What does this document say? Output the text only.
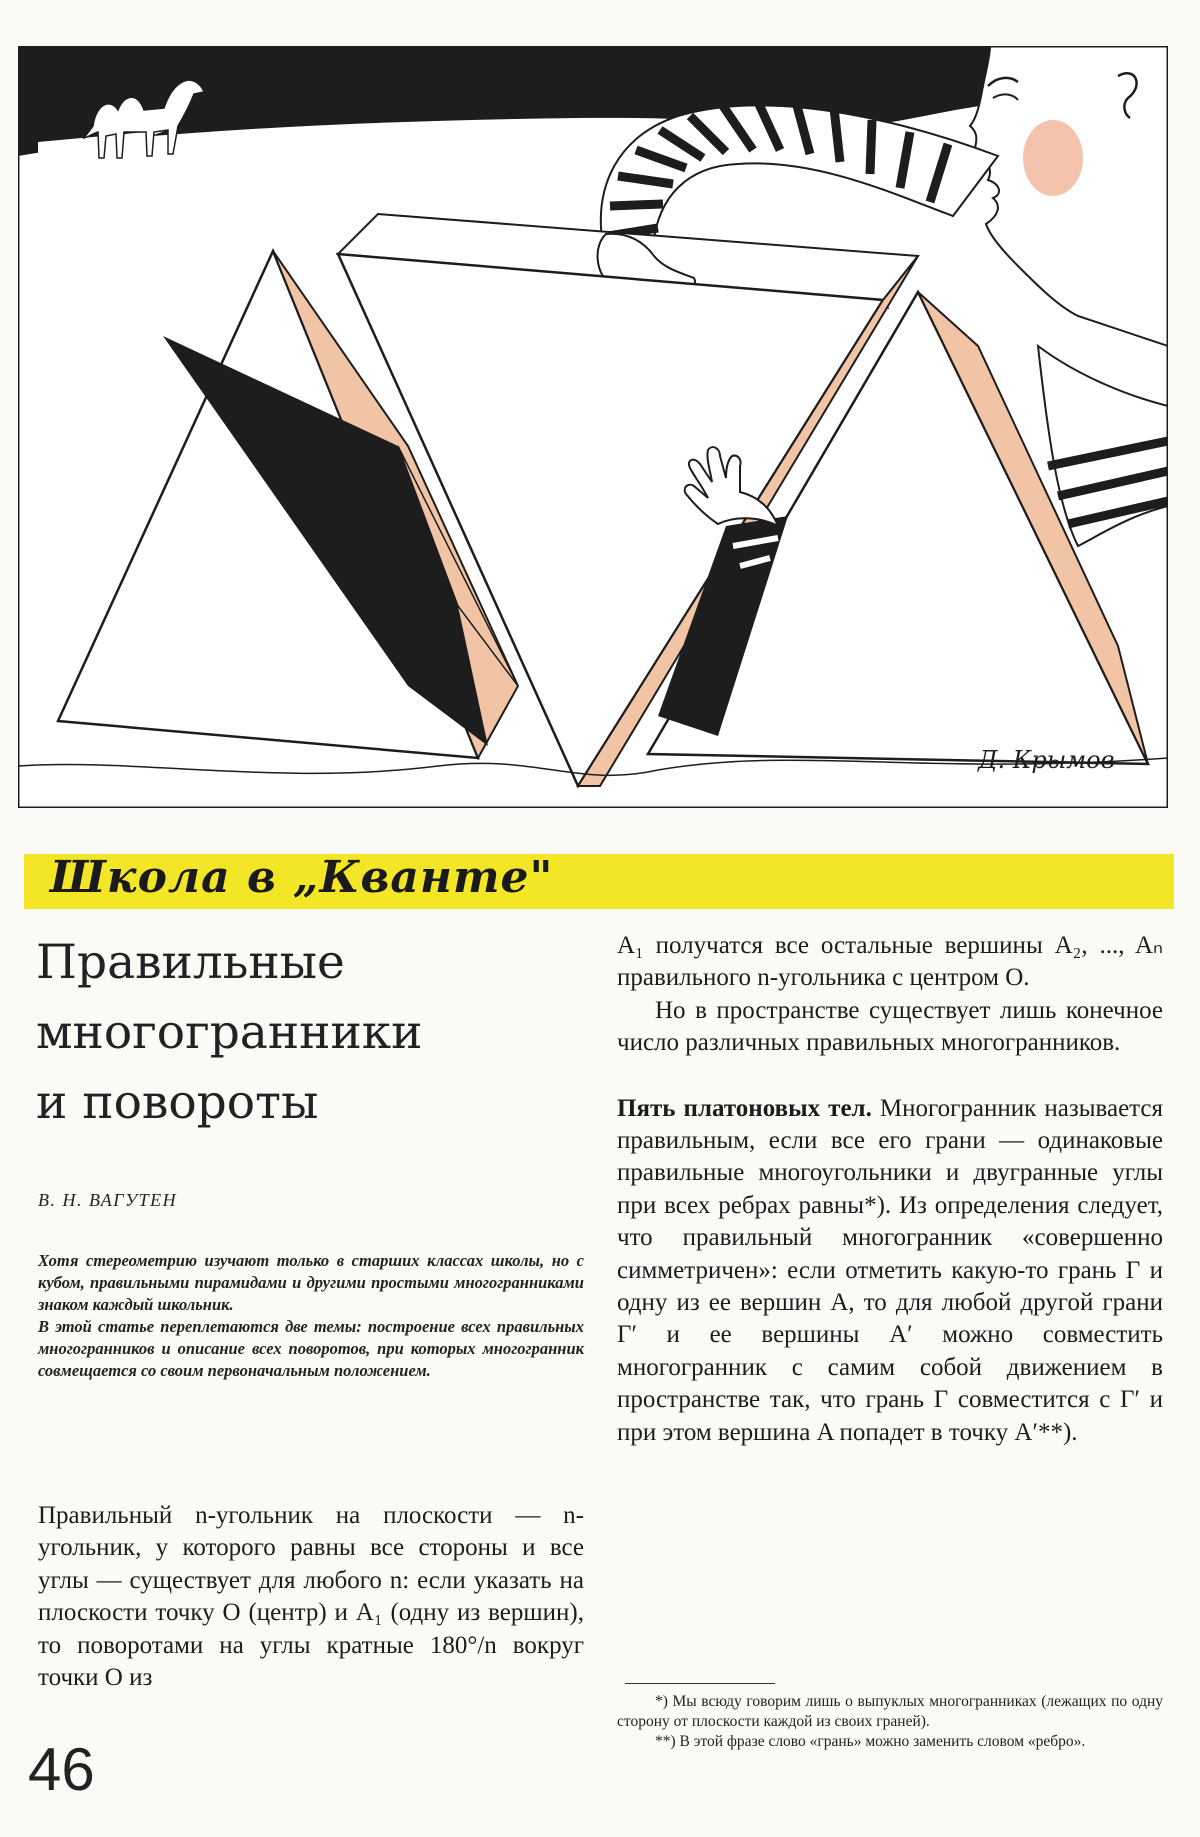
Д. Крымов
Школа в „Кванте"
Правильные
многогранники
и повороты
В. Н. ВАГУТЕН

Хотя стереометрию изучают только в старших классах школы, но с кубом, правильными пирамидами и другими простыми многогранниками знаком каждый школьник.

В этой статье переплетаются две темы: построение всех правильных многогранников и описание всех поворотов, при которых многогранник совмещается со своим первоначальным положением.

Правильный n-угольник на плоскости — n-угольник, у которого равны все стороны и все углы — существует для любого n: если указать на плоскости точку O (центр) и A₁ (одну из вершин), то поворотами на углы кратные 180°/n вокруг точки O из

A₁ получатся все остальные вершины A₂, ..., Aₙ правильного n-угольника с центром O.

Но в пространстве существует лишь конечное число различных правильных многогранников.

Пять платоновых тел. Многогранник называется правильным, если все его грани — одинаковые правильные многоугольники и двугранные углы при всех ребрах равны*). Из определения следует, что правильный многогранник «совершенно симметричен»: если отметить какую-то грань Г и одну из ее вершин A, то для любой другой грани Г′ и ее вершины A′ можно совместить многогранник с самим собой движением в пространстве так, что грань Г совместится с Г′ и при этом вершина A попадет в точку A′**).

*) Мы всюду говорим лишь о выпуклых многогранниках (лежащих по одну сторону от плоскости каждой из своих граней).

**) В этой фразе слово «грань» можно заменить словом «ребро».

46
